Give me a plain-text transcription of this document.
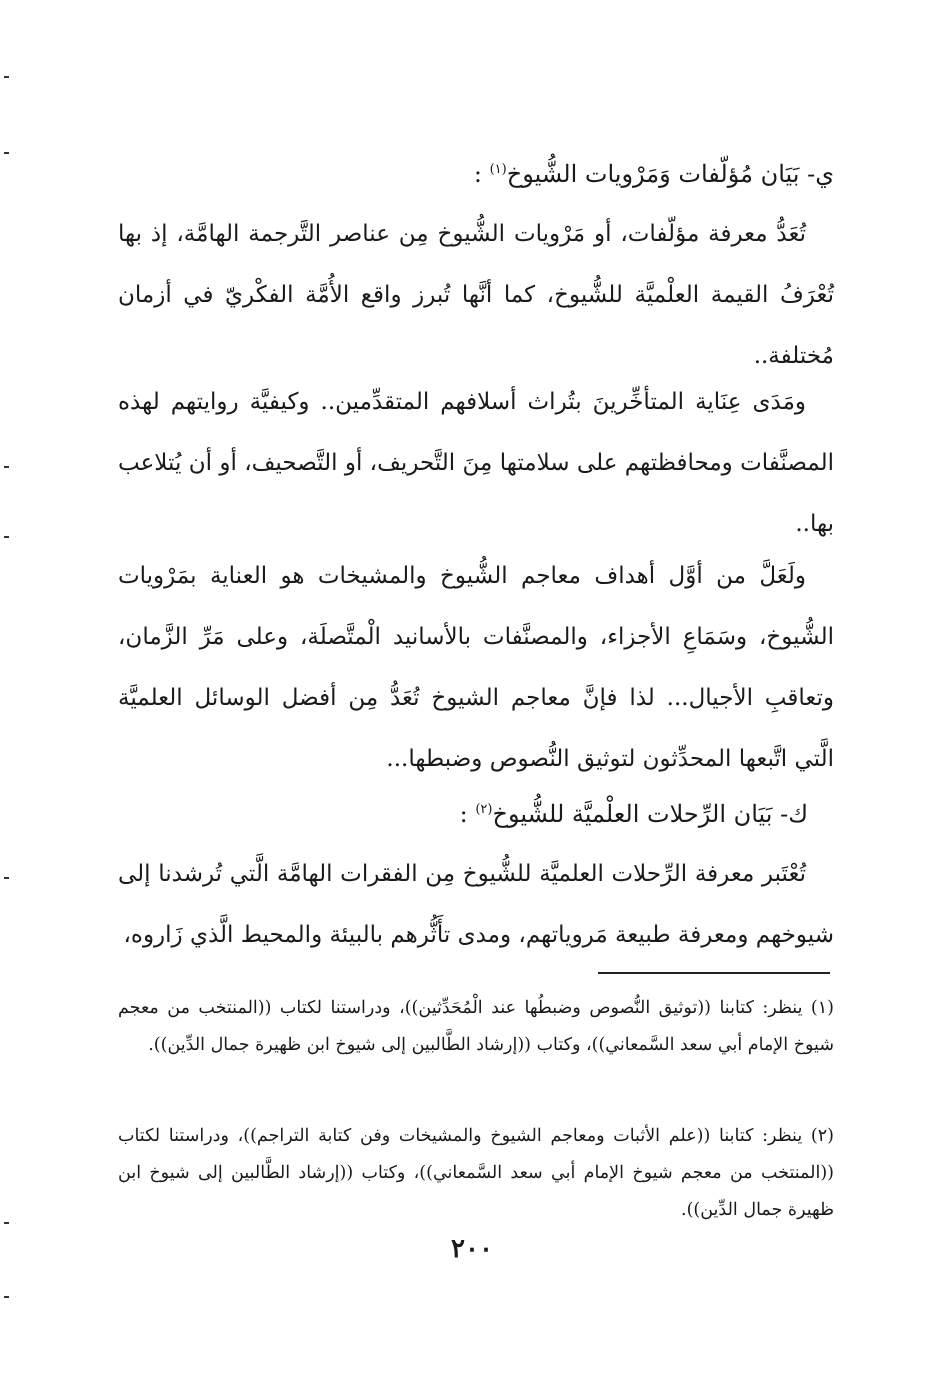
ي- بَيَان مُؤلّفات وَمَرْويات الشُّيوخ$^{(١)}$ :
تُعَدُّ معرفة مؤلّفات، أو مَرْويات الشُّيوخ مِن عناصر التَّرجمة الهامَّة، إذ بها تُعْرَفُ القيمة العلْميَّة للشُّيوخ، كما أنَّها تُبرز واقع الأُمَّة الفكْريّ في أزمان مُختلفة..
ومَدَى عِنَاية المتأخِّرينَ بتُراث أسلافهم المتقدِّمين.. وكيفيَّة روايتهم لهذه المصنَّفات ومحافظتهم على سلامتها مِنَ التَّحريف، أو التَّصحيف، أو أن يُتلاعب بها..
ولَعَلَّ من أوَّل أهداف معاجم الشُّيوخ والمشيخات هو العناية بمَرْويات الشُّيوخ، وسَمَاعِ الأجزاء، والمصنَّفات بالأسانيد الْمتَّصلَة، وعلى مَرِّ الزَّمان، وتعاقبِ الأجيال... لذا فإنَّ معاجم الشيوخ تُعَدُّ مِن أفضل الوسائل العلميَّة الَّتي اتَّبعها المحدِّثون لتوثيق النُّصوص وضبطها...
ك- بَيَان الرِّحلات العلْميَّة للشُّيوخ$^{(٢)}$ :
تُعْتَبر معرفة الرِّحلات العلميَّة للشُّيوخ مِن الفقرات الهامَّة الَّتي تُرشدنا إلى شيوخهم ومعرفة طبيعة مَروياتهم، ومدى تأَثُّرهم بالبيئة والمحيط الَّذي زَاروه،
(١) ينظر: كتابنا ((توثيق النُّصوص وضبطُها عند الْمُحَدِّثين))، ودراستنا لكتاب ((المنتخب من معجم شيوخ الإمام أبي سعد السَّمعاني))، وكتاب ((إرشاد الطَّالبين إلى شيوخ ابن ظهيرة جمال الدِّين)).
(٢) ينظر: كتابنا ((علم الأثبات ومعاجم الشيوخ والمشيخات وفن كتابة التراجم))، ودراستنا لكتاب ((المنتخب من معجم شيوخ الإمام أبي سعد السَّمعاني))، وكتاب ((إرشاد الطَّالبين إلى شيوخ ابن ظهيرة جمال الدِّين)).
٢٠٠
